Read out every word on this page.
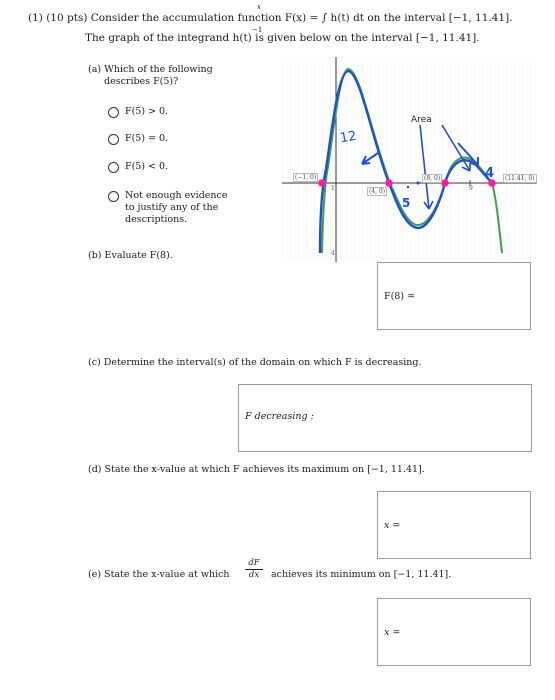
(1) (10 pts) Consider the accumulation function F(x) = ∫ h(t) dt on the interval [−1, 11.41].
x
−1
The graph of the integrand h(t) is given below on the interval [−1, 11.41].
(a) Which of the following
describes F(5)?
F(5) > 0.
F(5) = 0.
F(5) < 0.
Not enough evidence
to justify any of the
descriptions.
(−1, 0)
(4, 0)
(8, 0)	(11.41, 0)
1	9
4
Area
12
5
4
(b) Evaluate F(8).
F(8) =
(c) Determine the interval(s) of the domain on which F is decreasing.
F decreasing :
(d) State the x-value at which F achieves its maximum on [−1, 11.41].
x =
(e) State the x-value at which $\frac{dF}{dx}$ achieves its minimum on [−1, 11.41].
x =
